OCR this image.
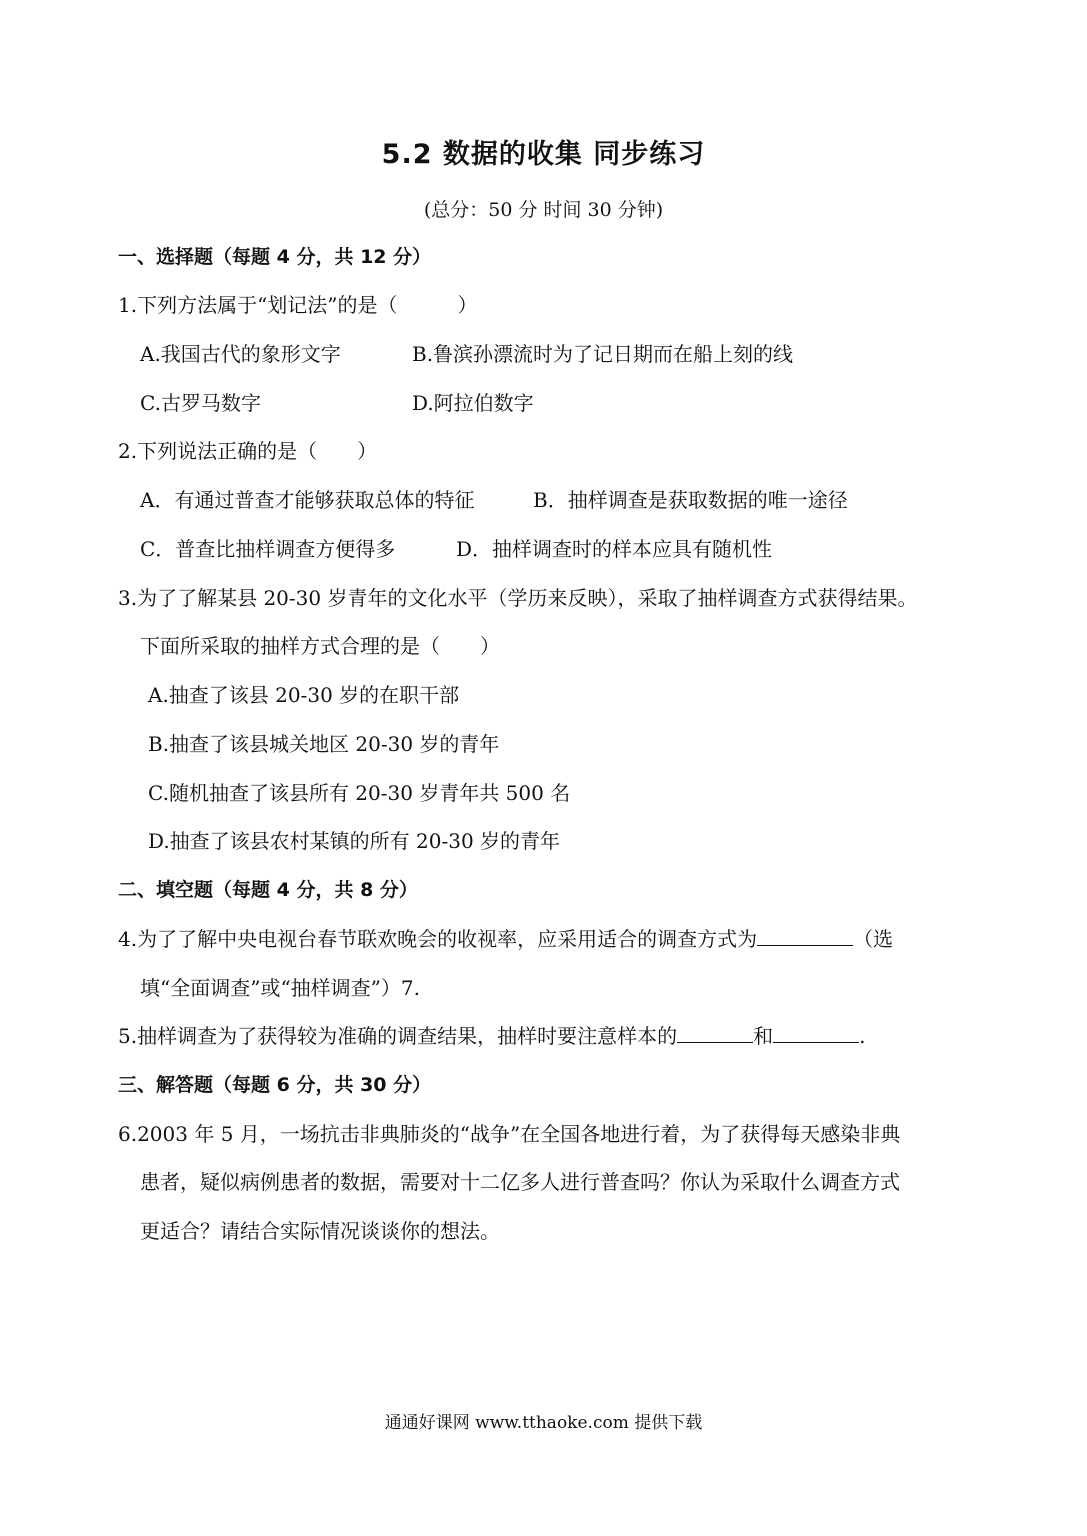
5.2 数据的收集 同步练习
(总分：50 分 时间 30 分钟)
一、选择题（每题 4 分，共 12 分）
1.下列方法属于“划记法”的是（　　　）
A.我国古代的象形文字	B.鲁滨孙漂流时为了记日期而在船上刻的线
C.古罗马数字	D.阿拉伯数字
2.下列说法正确的是（　　）
A．有通过普查才能够获取总体的特征	B．抽样调查是获取数据的唯一途径
C．普查比抽样调查方便得多	D．抽样调查时的样本应具有随机性
3.为了了解某县 20-30 岁青年的文化水平（学历来反映），采取了抽样调查方式获得结果。
下面所采取的抽样方式合理的是（　　）
A.抽查了该县 20-30 岁的在职干部
B.抽查了该县城关地区 20-30 岁的青年
C.随机抽查了该县所有 20-30 岁青年共 500 名
D.抽查了该县农村某镇的所有 20-30 岁的青年
二、填空题（每题 4 分，共 8 分）
4.为了了解中央电视台春节联欢晚会的收视率，应采用适合的调查方式为	（选
填“全面调查”或“抽样调查”）7.
5.抽样调查为了获得较为准确的调查结果，抽样时要注意样本的	和	.
三、解答题（每题 6 分，共 30 分）
6.2003 年 5 月，一场抗击非典肺炎的“战争”在全国各地进行着，为了获得每天感染非典
患者，疑似病例患者的数据，需要对十二亿多人进行普查吗？你认为采取什么调查方式
更适合？请结合实际情况谈谈你的想法。
通通好课网 www.tthaoke.com 提供下载
